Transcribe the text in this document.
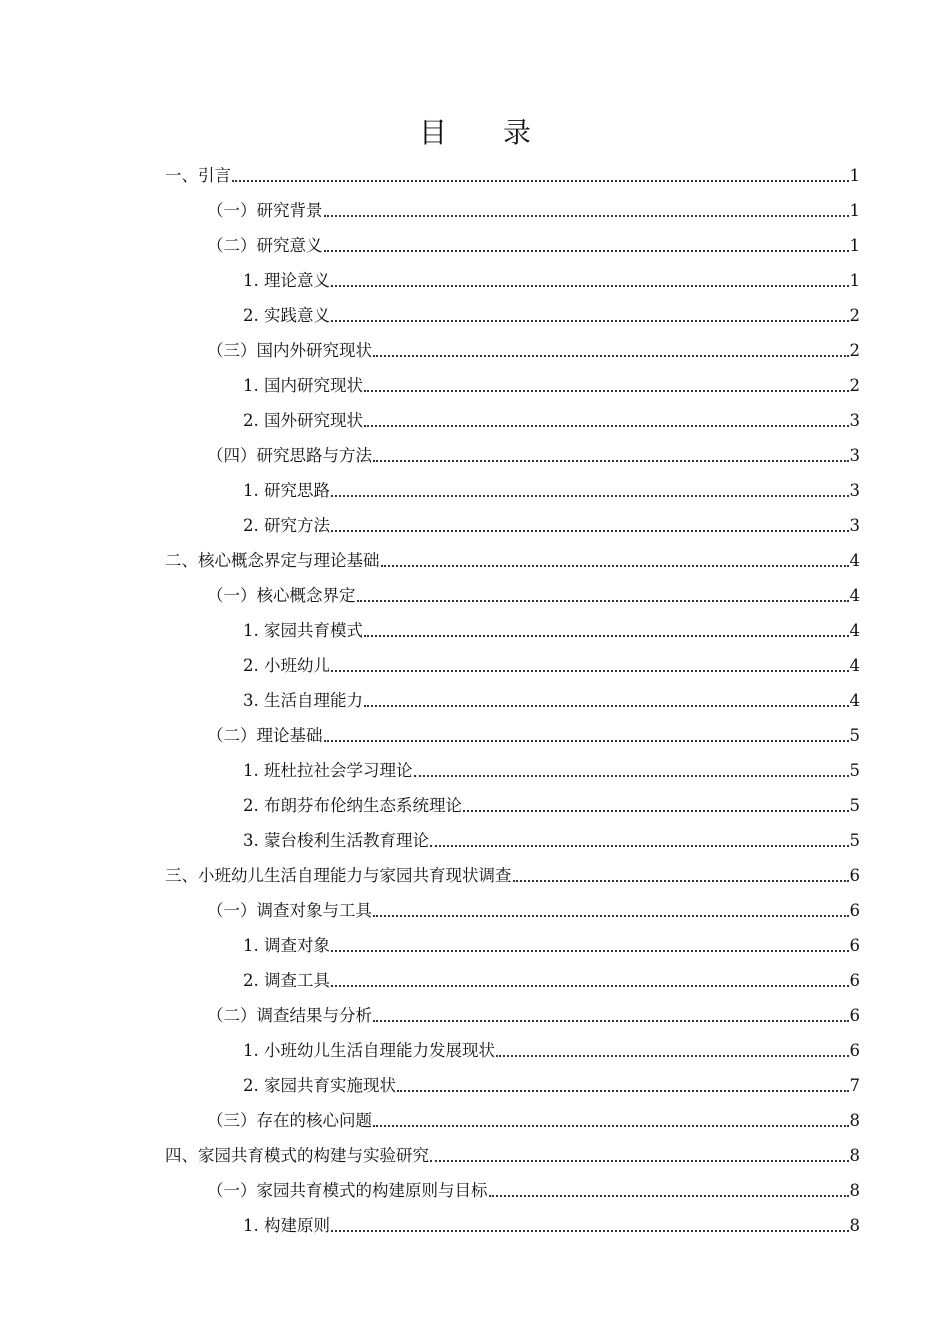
目 录
一、引言	1
（一）研究背景	1
（二）研究意义	1
1. 理论意义	1
2. 实践意义	2
（三）国内外研究现状	2
1. 国内研究现状	2
2. 国外研究现状	3
（四）研究思路与方法	3
1. 研究思路	3
2. 研究方法	3
二、核心概念界定与理论基础	4
（一）核心概念界定	4
1. 家园共育模式	4
2. 小班幼儿	4
3. 生活自理能力	4
（二）理论基础	5
1. 班杜拉社会学习理论	5
2. 布朗芬布伦纳生态系统理论	5
3. 蒙台梭利生活教育理论	5
三、小班幼儿生活自理能力与家园共育现状调查	6
（一）调查对象与工具	6
1. 调查对象	6
2. 调查工具	6
（二）调查结果与分析	6
1. 小班幼儿生活自理能力发展现状	6
2. 家园共育实施现状	7
（三）存在的核心问题	8
四、家园共育模式的构建与实验研究	8
（一）家园共育模式的构建原则与目标	8
1. 构建原则	8
